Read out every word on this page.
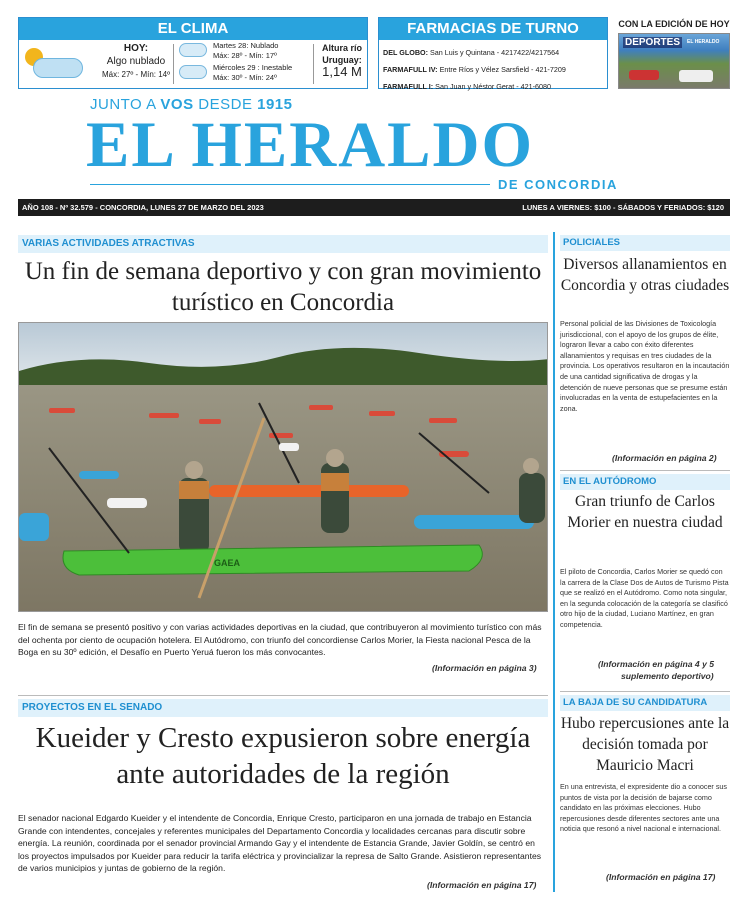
EL CLIMA
HOY:
Algo nublado
Máx: 27º - Mín: 14º
Martes 28: Nublado
Máx: 28º - Mín: 17º
Miércoles 29 : Inestable
Máx: 30º - Mín: 24º
Altura río
Uruguay:
1,14 M
FARMACIAS DE TURNO
DEL GLOBO: San Luis y Quintana - 4217422/4217564
FARMAFULL IV: Entre Ríos y Vélez Sarsfield - 421-7209
FARMAFULL I: San Juan y Néstor Gerat - 421-6080
CON LA EDICIÓN DE HOY
DEPORTES	EL HERALDO
JUNTO A VOS DESDE 1915
EL HERALDO
DE CONCORDIA
AÑO 108 - Nº 32.579 - CONCORDIA, LUNES 27 DE MARZO DEL 2023	LUNES A VIERNES: $100 - SÁBADOS Y FERIADOS: $120
VARIAS ACTIVIDADES ATRACTIVAS
Un fin de semana deportivo y con gran movimiento turístico en Concordia
GAEA
El fin de semana se presentó positivo y con varias actividades deportivas en la ciudad, que contribuyeron al movimiento turístico con más del ochenta por ciento de ocupación hotelera. El Autódromo, con triunfo del concordiense Carlos Morier, la Fiesta nacional Pesca de la Boga en su 30º edición, el Desafío en Puerto Yeruá fueron los más convocantes.
(Información en página 3)
PROYECTOS EN EL SENADO
Kueider y Cresto expusieron sobre energía ante autoridades de la región
El senador nacional Edgardo Kueider y el intendente de Concordia, Enrique Cresto, participaron en una jornada de trabajo en Estancia Grande con intendentes, concejales y referentes municipales del Departamento Concordia y localidades cercanas para discutir sobre energía. La reunión, coordinada por el senador provincial Armando Gay y el intendente de Estancia Grande, Javier Goldín, se centró en los proyectos impulsados por Kueider para reducir la tarifa eléctrica y provincializar la represa de Salto Grande. Asistieron representantes de varios municipios y juntas de gobierno de la región.
(Información en página 17)
POLICIALES
Diversos allanamientos en Concordia y otras ciudades
Personal policial de las Divisiones de Toxicología jurisdiccional, con el apoyo de los grupos de élite, lograron llevar a cabo con éxito diferentes allanamientos y requisas en tres ciudades de la provincia. Los operativos resultaron en la incautación de una cantidad significativa de drogas y la detención de nueve personas que se presume están involucradas en la venta de estupefacientes en la zona.
(Información en página 2)
EN EL AUTÓDROMO
Gran triunfo de Carlos Morier en nuestra ciudad
El piloto de Concordia, Carlos Morier se quedó con la carrera de la Clase Dos de Autos de Turismo Pista que se realizó en el Autódromo. Como nota singular, en la segunda colocación de la categoría se clasificó otro hijo de la ciudad, Luciano Martínez, en gran competencia.
(Información en página 4 y 5
suplemento deportivo)
LA BAJA DE SU CANDIDATURA
Hubo repercusiones ante la decisión tomada por Mauricio Macri
En una entrevista, el expresidente dio a conocer sus puntos de vista por la decisión de bajarse como candidato en las próximas elecciones. Hubo repercusiones desde diferentes sectores ante una noticia que resonó a nivel nacional e internacional.
(Información en página 17)
